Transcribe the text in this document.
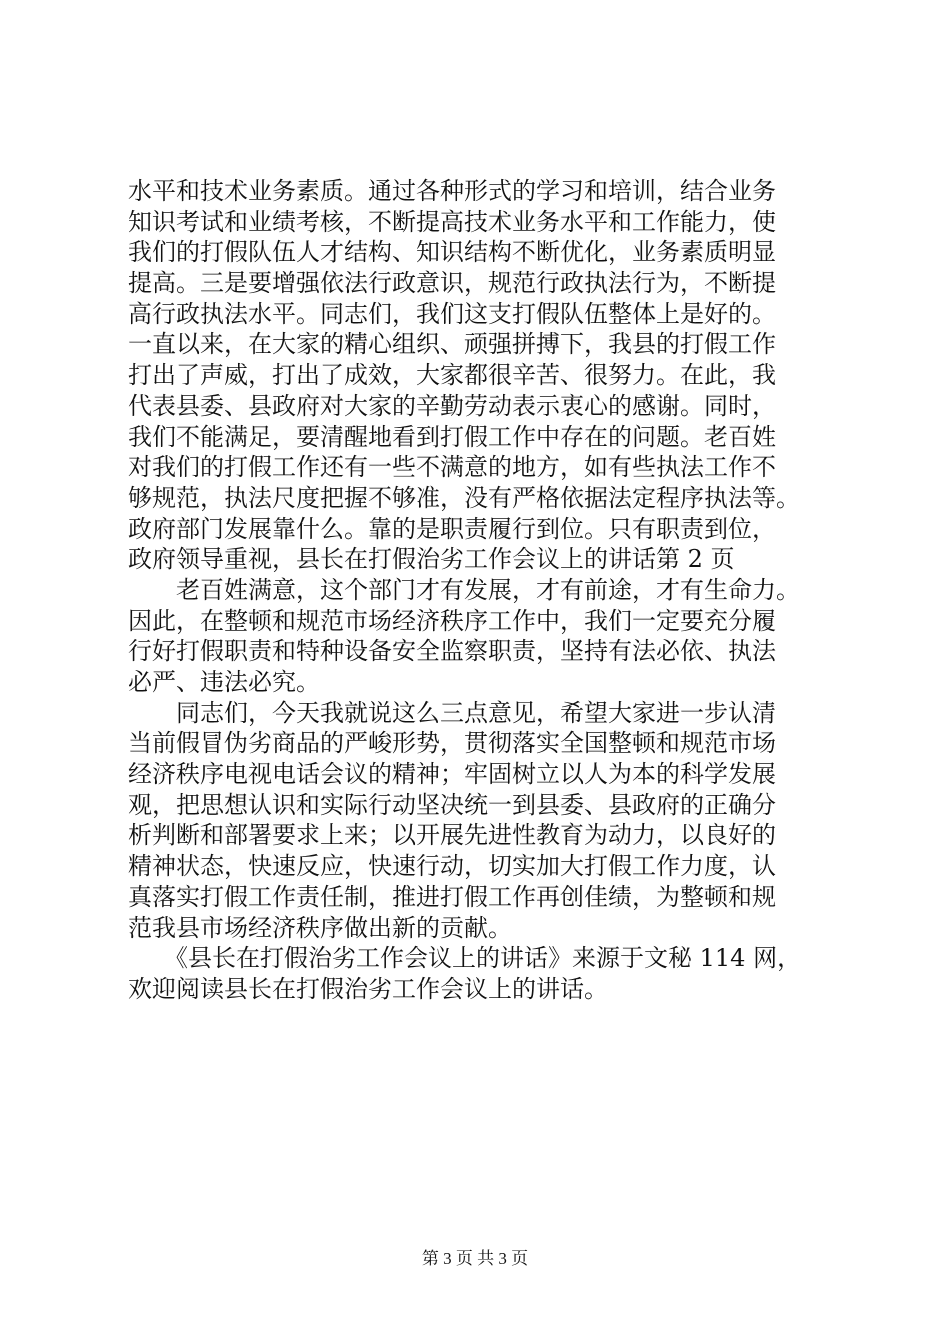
水平和技术业务素质。通过各种形式的学习和培训，结合业务
知识考试和业绩考核，不断提高技术业务水平和工作能力，使
我们的打假队伍人才结构、知识结构不断优化，业务素质明显
提高。三是要增强依法行政意识，规范行政执法行为，不断提
高行政执法水平。同志们，我们这支打假队伍整体上是好的。
一直以来，在大家的精心组织、顽强拼搏下，我县的打假工作
打出了声威，打出了成效，大家都很辛苦、很努力。在此，我
代表县委、县政府对大家的辛勤劳动表示衷心的感谢。同时，
我们不能满足，要清醒地看到打假工作中存在的问题。老百姓
对我们的打假工作还有一些不满意的地方，如有些执法工作不
够规范，执法尺度把握不够准，没有严格依据法定程序执法等。
政府部门发展靠什么。靠的是职责履行到位。只有职责到位，
政府领导重视，县长在打假治劣工作会议上的讲话第 2 页
　　老百姓满意，这个部门才有发展，才有前途，才有生命力。
因此，在整顿和规范市场经济秩序工作中，我们一定要充分履
行好打假职责和特种设备安全监察职责，坚持有法必依、执法
必严、违法必究。
　　同志们，今天我就说这么三点意见，希望大家进一步认清
当前假冒伪劣商品的严峻形势，贯彻落实全国整顿和规范市场
经济秩序电视电话会议的精神；牢固树立以人为本的科学发展
观，把思想认识和实际行动坚决统一到县委、县政府的正确分
析判断和部署要求上来；以开展先进性教育为动力，以良好的
精神状态，快速反应，快速行动，切实加大打假工作力度，认
真落实打假工作责任制，推进打假工作再创佳绩，为整顿和规
范我县市场经济秩序做出新的贡献。
　　《县长在打假治劣工作会议上的讲话》来源于文秘 114 网，
欢迎阅读县长在打假治劣工作会议上的讲话。
第 3 页 共 3 页
